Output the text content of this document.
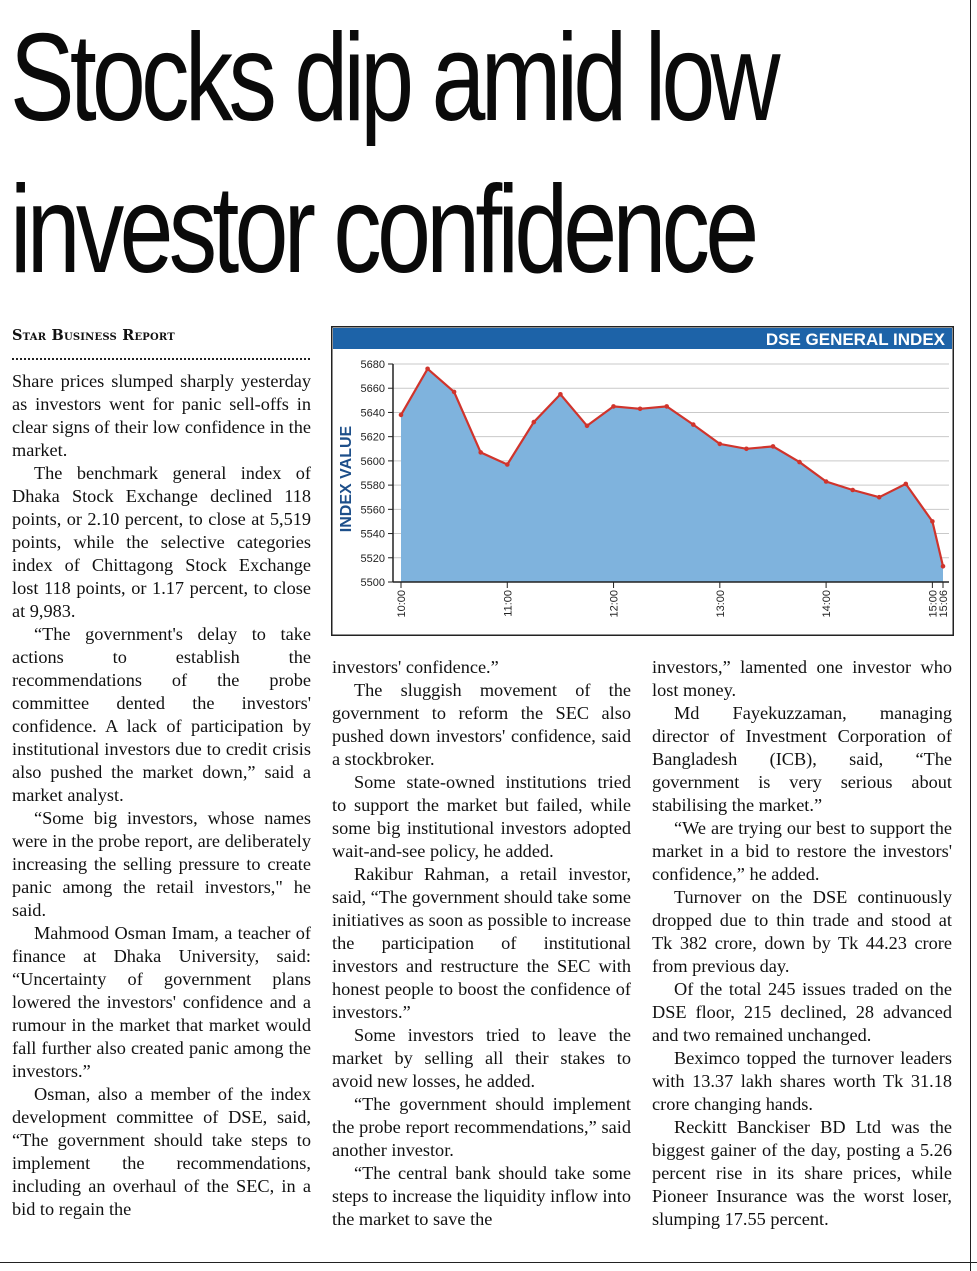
Stocks dip amid low
investor confidence
Star Business Report

Share prices slumped sharply yesterday as investors went for panic sell-offs in clear signs of their low confidence in the market.

The benchmark general index of Dhaka Stock Exchange declined 118 points, or 2.10 percent, to close at 5,519 points, while the selective categories index of Chittagong Stock Exchange lost 118 points, or 1.17 percent, to close at 9,983.

“The government's delay to take actions to establish the recommendations of the probe committee dented the investors' confidence. A lack of participation by institutional investors due to credit crisis also pushed the market down,” said a market analyst.

“Some big investors, whose names were in the probe report, are deliberately increasing the selling pressure to create panic among the retail investors," he said.

Mahmood Osman Imam, a teacher of finance at Dhaka University, said: “Uncertainty of government plans lowered the investors' confidence and a rumour in the market that market would fall further also created panic among the investors.”

Osman, also a member of the index development committee of DSE, said, “The government should take steps to implement the recommendations, including an overhaul of the SEC, in a bid to regain the

DSE GENERAL INDEX
INDEX VALUE
5500
5520
5540
5560
5580
5600
5620
5640
5660
5680
10:00	11:00	12:00	13:00	14:00	15:00
15:06

investors' confidence.”

The sluggish movement of the government to reform the SEC also pushed down investors' confidence, said a stockbroker.

Some state-owned institutions tried to support the market but failed, while some big institutional investors adopted wait-and-see policy, he added.

Rakibur Rahman, a retail investor, said, “The government should take some initiatives as soon as possible to increase the participation of institutional investors and restructure the SEC with honest people to boost the confidence of investors.”

Some investors tried to leave the market by selling all their stakes to avoid new losses, he added.

“The government should implement the probe report recommendations,” said another investor.

“The central bank should take some steps to increase the liquidity inflow into the market to save the

investors,” lamented one investor who lost money.

Md Fayekuzzaman, managing director of Investment Corporation of Bangladesh (ICB), said, “The government is very serious about stabilising the market.”

“We are trying our best to support the market in a bid to restore the investors' confidence,” he added.

Turnover on the DSE continuously dropped due to thin trade and stood at Tk 382 crore, down by Tk 44.23 crore from previous day.

Of the total 245 issues traded on the DSE floor, 215 declined, 28 advanced and two remained unchanged.

Beximco topped the turnover leaders with 13.37 lakh shares worth Tk 31.18 crore changing hands.

Reckitt Banckiser BD Ltd was the biggest gainer of the day, posting a 5.26 percent rise in its share prices, while Pioneer Insurance was the worst loser, slumping 17.55 percent.
